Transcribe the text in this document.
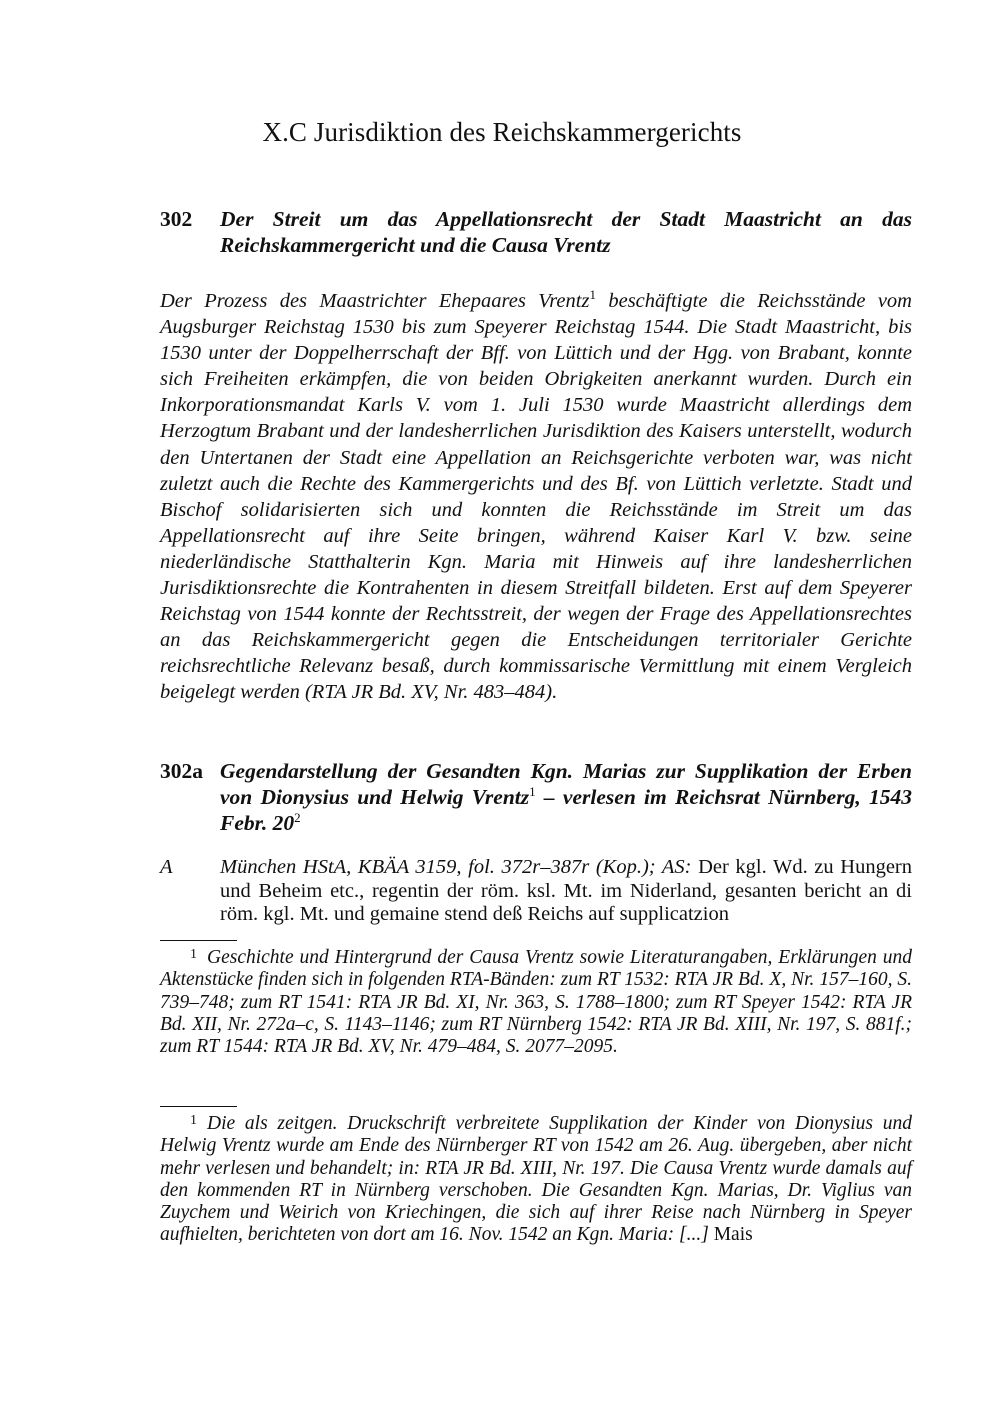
X.C Jurisdiktion des Reichskammergerichts
302 Der Streit um das Appellationsrecht der Stadt Maastricht an das Reichskammergericht und die Causa Vrentz

Der Prozess des Maastrichter Ehepaares Vrentz$^1$ beschäftigte die Reichsstände vom Augsburger Reichstag 1530 bis zum Speyerer Reichstag 1544. Die Stadt Maastricht, bis 1530 unter der Doppelherrschaft der Bff. von Lüttich und der Hgg. von Brabant, konnte sich Freiheiten erkämpfen, die von beiden Obrigkeiten anerkannt wurden. Durch ein Inkorporationsmandat Karls V. vom 1. Juli 1530 wurde Maastricht allerdings dem Herzogtum Brabant und der landesherrlichen Jurisdiktion des Kaisers unterstellt, wodurch den Untertanen der Stadt eine Appellation an Reichsgerichte verboten war, was nicht zuletzt auch die Rechte des Kammergerichts und des Bf. von Lüttich verletzte. Stadt und Bischof solidarisierten sich und konnten die Reichsstände im Streit um das Appellationsrecht auf ihre Seite bringen, während Kaiser Karl V. bzw. seine niederländische Statthalterin Kgn. Maria mit Hinweis auf ihre landesherrlichen Jurisdiktionsrechte die Kontrahenten in diesem Streitfall bildeten. Erst auf dem Speyerer Reichstag von 1544 konnte der Rechtsstreit, der wegen der Frage des Appellationsrechtes an das Reichskammergericht gegen die Entscheidungen territorialer Gerichte reichsrechtliche Relevanz besaß, durch kommissarische Vermittlung mit einem Vergleich beigelegt werden (RTA JR Bd. XV, Nr. 483–484).

302a Gegendarstellung der Gesandten Kgn. Marias zur Supplikation der Erben von Dionysius und Helwig Vrentz$^1$ – verlesen im Reichsrat Nürnberg, 1543 Febr. $20^2$
A München HStA, KBÄA 3159, fol. 372r–387r (Kop.); AS: Der kgl. Wd. zu Hungern und Beheim etc., regentin der röm. ksl. Mt. im Niderland, gesanten bericht an di röm. kgl. Mt. und gemaine stend deß Reichs auf supplicatzion

$^1$ Geschichte und Hintergrund der Causa Vrentz sowie Literaturangaben, Erklärungen und Aktenstücke finden sich in folgenden RTA-Bänden: zum RT 1532: RTA JR Bd. X, Nr. 157–160, S. 739–748; zum RT 1541: RTA JR Bd. XI, Nr. 363, S. 1788–1800; zum RT Speyer 1542: RTA JR Bd. XII, Nr. 272a–c, S. 1143–1146; zum RT Nürnberg 1542: RTA JR Bd. XIII, Nr. 197, S. 881f.; zum RT 1544: RTA JR Bd. XV, Nr. 479–484, S. 2077–2095.

$^1$ Die als zeitgen. Druckschrift verbreitete Supplikation der Kinder von Dionysius und Helwig Vrentz wurde am Ende des Nürnberger RT von 1542 am 26. Aug. übergeben, aber nicht mehr verlesen und behandelt; in: RTA JR Bd. XIII, Nr. 197. Die Causa Vrentz wurde damals auf den kommenden RT in Nürnberg verschoben. Die Gesandten Kgn. Marias, Dr. Viglius van Zuychem und Weirich von Kriechingen, die sich auf ihrer Reise nach Nürnberg in Speyer aufhielten, berichteten von dort am 16. Nov. 1542 an Kgn. Maria: [...] Mais
